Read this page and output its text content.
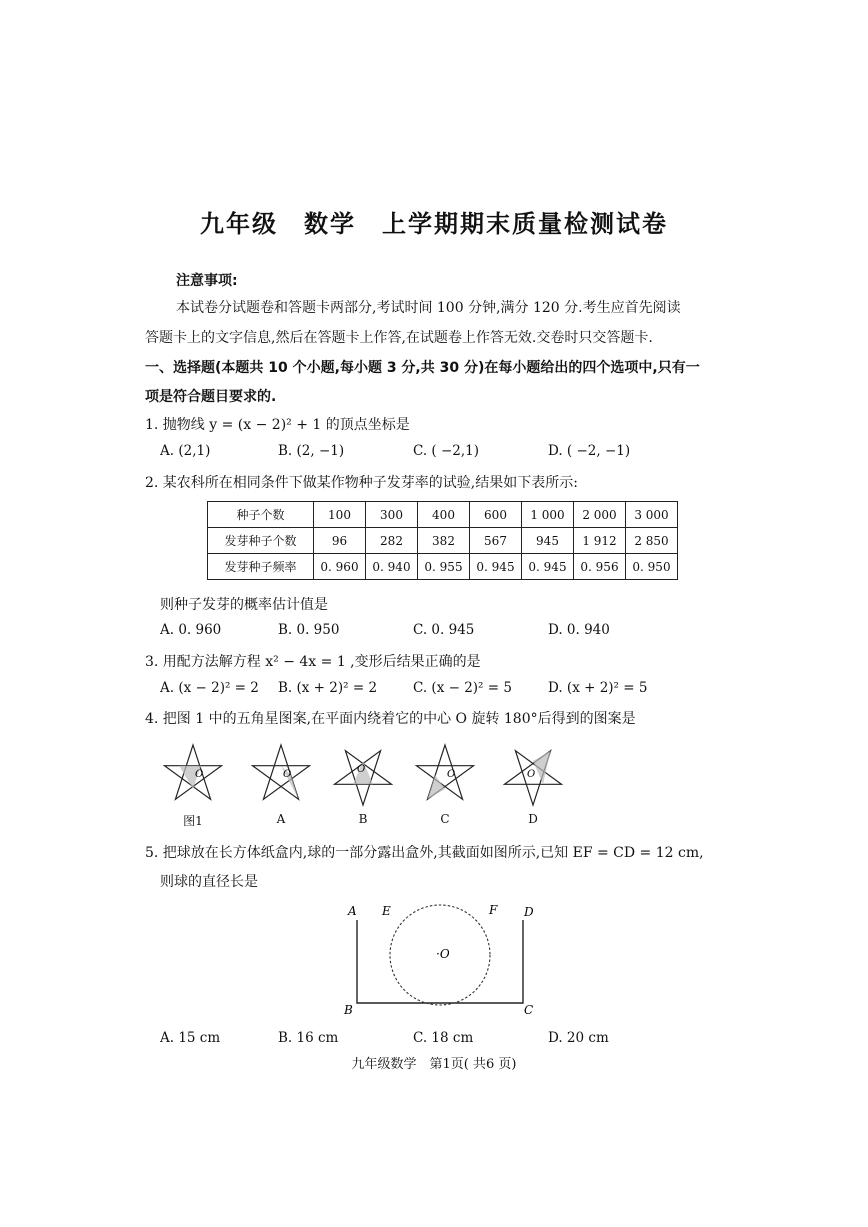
九年级　数学　上学期期末质量检测试卷
注意事项:
本试卷分试题卷和答题卡两部分,考试时间 100 分钟,满分 120 分.考生应首先阅读
答题卡上的文字信息,然后在答题卡上作答,在试题卷上作答无效.交卷时只交答题卡.
一、选择题(本题共 10 个小题,每小题 3 分,共 30 分)在每小题给出的四个选项中,只有一
项是符合题目要求的.
1. 抛物线 y = (x − 2)² + 1 的顶点坐标是
A. (2,1)	B. (2, −1)	C. ( −2,1)	D. ( −2, −1)
2. 某农科所在相同条件下做某作物种子发芽率的试验,结果如下表所示:
种子个数	100	300	400	600	1 000	2 000	3 000
发芽种子个数	96	282	382	567	945	1 912	2 850
发芽种子频率	0. 960	0. 940	0. 955	0. 945	0. 945	0. 956	0. 950
则种子发芽的概率估计值是
A. 0. 960	B. 0. 950	C. 0. 945	D. 0. 940
3. 用配方法解方程 x² − 4x = 1 ,变形后结果正确的是
A. (x − 2)² = 2 B. (x + 2)² = 2	C. (x − 2)² = 5	D. (x + 2)² = 5
4. 把图 1 中的五角星图案,在平面内绕着它的中心 O 旋转 180°后得到的图案是
O	O	O	O	O
图1	A	B	C	D
5. 把球放在长方体纸盒内,球的一部分露出盒外,其截面如图所示,已知 EF = CD = 12 cm,
则球的直径长是
A E	F D
·O
B	C
A. 15 cm	B. 16 cm	C. 18 cm	D. 20 cm
九年级数学　第1页( 共6 页)
